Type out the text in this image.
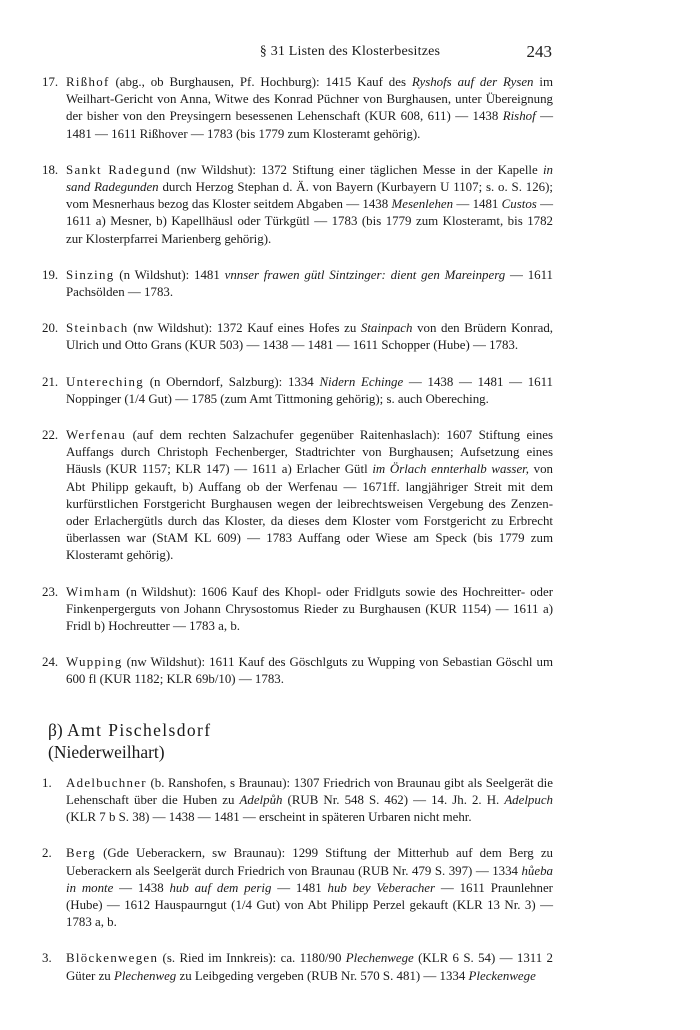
§ 31 Listen des Klosterbesitzes	243
17. Rißhof (abg., ob Burghausen, Pf. Hochburg): 1415 Kauf des Ryshofs auf der Rysen im Weilhart-Gericht von Anna, Witwe des Konrad Püchner von Burghausen, unter Übereignung der bisher von den Preysingern besessenen Lehenschaft (KUR 608, 611) — 1438 Rishof — 1481 — 1611 Rißhover — 1783 (bis 1779 zum Klosteramt gehörig).
18. Sankt Radegund (nw Wildshut): 1372 Stiftung einer täglichen Messe in der Kapelle in sand Radegunden durch Herzog Stephan d. Ä. von Bayern (Kurbayern U 1107; s. o. S. 126); vom Mesnerhaus bezog das Kloster seitdem Abgaben — 1438 Mesenlehen — 1481 Custos — 1611 a) Mesner, b) Kapellhäusl oder Türkgütl — 1783 (bis 1779 zum Klosteramt, bis 1782 zur Klosterpfarrei Marienberg gehörig).
19. Sinzing (n Wildshut): 1481 vnnser frawen gütl Sintzinger: dient gen Mareinperg — 1611 Pachsölden — 1783.
20. Steinbach (nw Wildshut): 1372 Kauf eines Hofes zu Stainpach von den Brüdern Konrad, Ulrich und Otto Grans (KUR 503) — 1438 — 1481 — 1611 Schopper (Hube) — 1783.
21. Untereching (n Oberndorf, Salzburg): 1334 Nidern Echinge — 1438 — 1481 — 1611 Noppinger (1/4 Gut) — 1785 (zum Amt Tittmoning gehörig); s. auch Obereching.
22. Werfenau (auf dem rechten Salzachufer gegenüber Raitenhaslach): 1607 Stiftung eines Auffangs durch Christoph Fechenberger, Stadtrichter von Burghausen; Aufsetzung eines Häusls (KUR 1157; KLR 147) — 1611 a) Erlacher Gütl im Örlach ennterhalb wasser, von Abt Philipp gekauft, b) Auffang ob der Werfenau — 1671ff. langjähriger Streit mit dem kurfürstlichen Forstgericht Burghausen wegen der leibrechtsweisen Vergebung des Zenzen- oder Erlachergütls durch das Kloster, da dieses dem Kloster vom Forstgericht zu Erbrecht überlassen war (StAM KL 609) — 1783 Auffang oder Wiese am Speck (bis 1779 zum Klosteramt gehörig).
23. Wimham (n Wildshut): 1606 Kauf des Khopl- oder Fridlguts sowie des Hochreitter- oder Finkenpergerguts von Johann Chrysostomus Rieder zu Burghausen (KUR 1154) — 1611 a) Fridl b) Hochreutter — 1783 a, b.
24. Wupping (nw Wildshut): 1611 Kauf des Göschlguts zu Wupping von Sebastian Göschl um 600 fl (KUR 1182; KLR 69b/10) — 1783.
β) Amt Pischelsdorf
(Niederweilhart)
1. Adelbuchner (b. Ranshofen, s Braunau): 1307 Friedrich von Braunau gibt als Seelgerät die Lehenschaft über die Huben zu Adelpůh (RUB Nr. 548 S. 462) — 14. Jh. 2. H. Adelpuch (KLR 7 b S. 38) — 1438 — 1481 — erscheint in späteren Urbaren nicht mehr.
2. Berg (Gde Ueberackern, sw Braunau): 1299 Stiftung der Mitterhub auf dem Berg zu Ueberackern als Seelgerät durch Friedrich von Braunau (RUB Nr. 479 S. 397) — 1334 hůeba in monte — 1438 hub auf dem perig — 1481 hub bey Veberacher — 1611 Praunlehner (Hube) — 1612 Hauspaurngut (1/4 Gut) von Abt Philipp Perzel gekauft (KLR 13 Nr. 3) — 1783 a, b.
3. Blöckenwegen (s. Ried im Innkreis): ca. 1180/90 Plechenwege (KLR 6 S. 54) — 1311 2 Güter zu Plechenweg zu Leibgeding vergeben (RUB Nr. 570 S. 481) — 1334 Pleckenwege
